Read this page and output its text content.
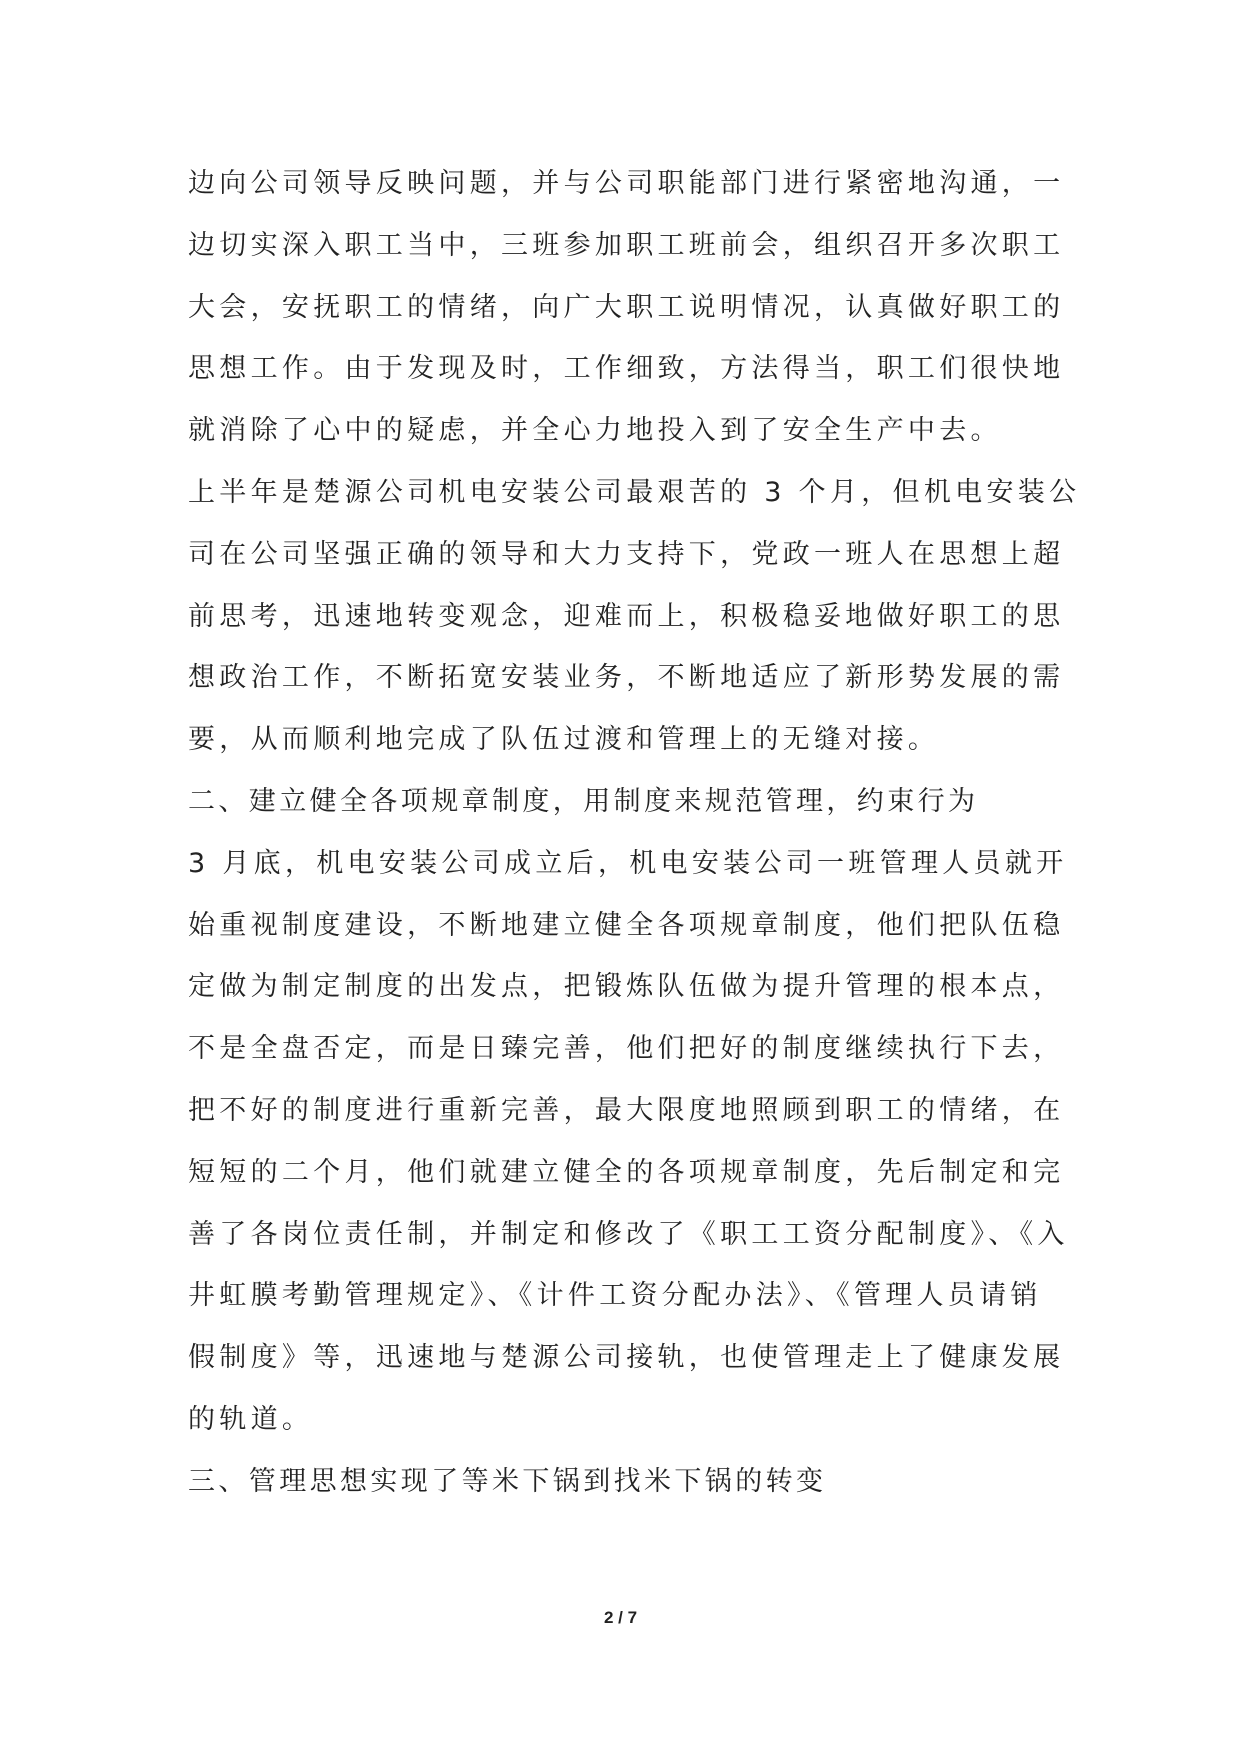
边向公司领导反映问题，并与公司职能部门进行紧密地沟通，一
边切实深入职工当中，三班参加职工班前会，组织召开多次职工
大会，安抚职工的情绪，向广大职工说明情况，认真做好职工的
思想工作。由于发现及时，工作细致，方法得当，职工们很快地
就消除了心中的疑虑，并全心力地投入到了安全生产中去。
上半年是楚源公司机电安装公司最艰苦的 3 个月，但机电安装公
司在公司坚强正确的领导和大力支持下，党政一班人在思想上超
前思考，迅速地转变观念，迎难而上，积极稳妥地做好职工的思
想政治工作，不断拓宽安装业务，不断地适应了新形势发展的需
要，从而顺利地完成了队伍过渡和管理上的无缝对接。
二、建立健全各项规章制度，用制度来规范管理，约束行为
3 月底，机电安装公司成立后，机电安装公司一班管理人员就开
始重视制度建设，不断地建立健全各项规章制度，他们把队伍稳
定做为制定制度的出发点，把锻炼队伍做为提升管理的根本点，
不是全盘否定，而是日臻完善，他们把好的制度继续执行下去，
把不好的制度进行重新完善，最大限度地照顾到职工的情绪，在
短短的二个月，他们就建立健全的各项规章制度，先后制定和完
善了各岗位责任制，并制定和修改了《职工工资分配制度》、《入
井虹膜考勤管理规定》、《计件工资分配办法》、《管理人员请销
假制度》等，迅速地与楚源公司接轨，也使管理走上了健康发展
的轨道。
三、管理思想实现了等米下锅到找米下锅的转变
2 / 7
